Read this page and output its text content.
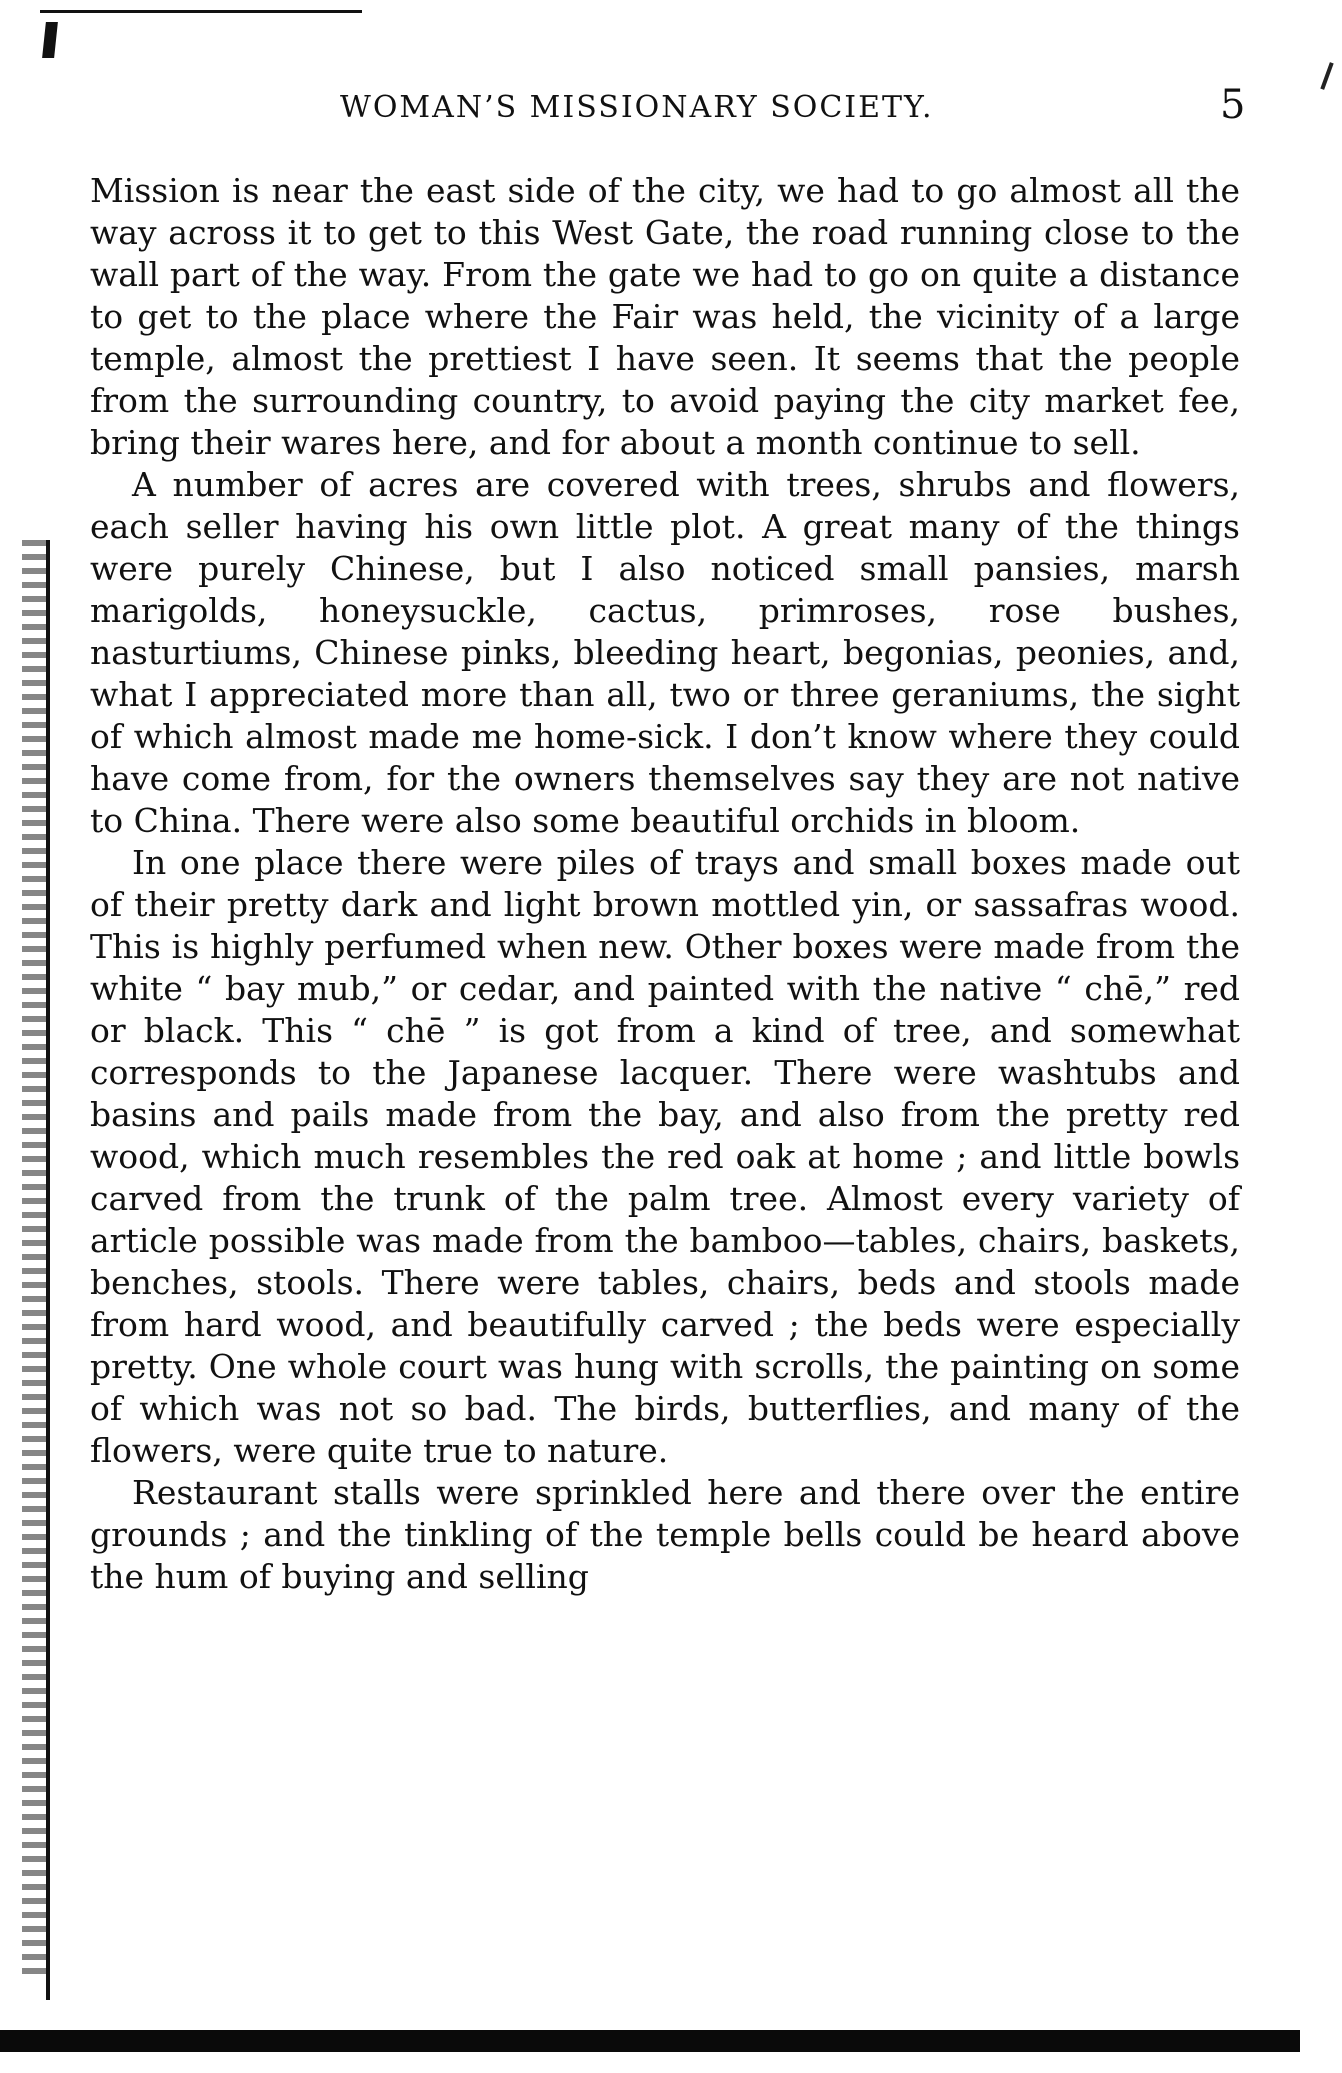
WOMAN’S MISSIONARY SOCIETY.	5

Mission is near the east side of the city, we had to go almost all the way across it to get to this West Gate, the road running close to the wall part of the way. From the gate we had to go on quite a distance to get to the place where the Fair was held, the vicinity of a large temple, almost the prettiest I have seen. It seems that the people from the surrounding country, to avoid paying the city market fee, bring their wares here, and for about a month continue to sell.

A number of acres are covered with trees, shrubs and flowers, each seller having his own little plot. A great many of the things were purely Chinese, but I also noticed small pansies, marsh marigolds, honeysuckle, cactus, primroses, rose bushes, nasturtiums, Chinese pinks, bleeding heart, begonias, peonies, and, what I appreciated more than all, two or three geraniums, the sight of which almost made me home-sick. I don’t know where they could have come from, for the owners themselves say they are not native to China. There were also some beautiful orchids in bloom.

In one place there were piles of trays and small boxes made out of their pretty dark and light brown mottled yin, or sassafras wood. This is highly perfumed when new. Other boxes were made from the white “ bay mub,” or cedar, and painted with the native “ chē,” red or black. This “ chē ” is got from a kind of tree, and somewhat corresponds to the Japanese lacquer. There were washtubs and basins and pails made from the bay, and also from the pretty red wood, which much resembles the red oak at home ; and little bowls carved from the trunk of the palm tree. Almost every variety of article possible was made from the bamboo—tables, chairs, baskets, benches, stools. There were tables, chairs, beds and stools made from hard wood, and beautifully carved ; the beds were especially pretty. One whole court was hung with scrolls, the painting on some of which was not so bad. The birds, butterflies, and many of the flowers, were quite true to nature.

Restaurant stalls were sprinkled here and there over the entire grounds ; and the tinkling of the temple bells could be heard above the hum of buying and selling
